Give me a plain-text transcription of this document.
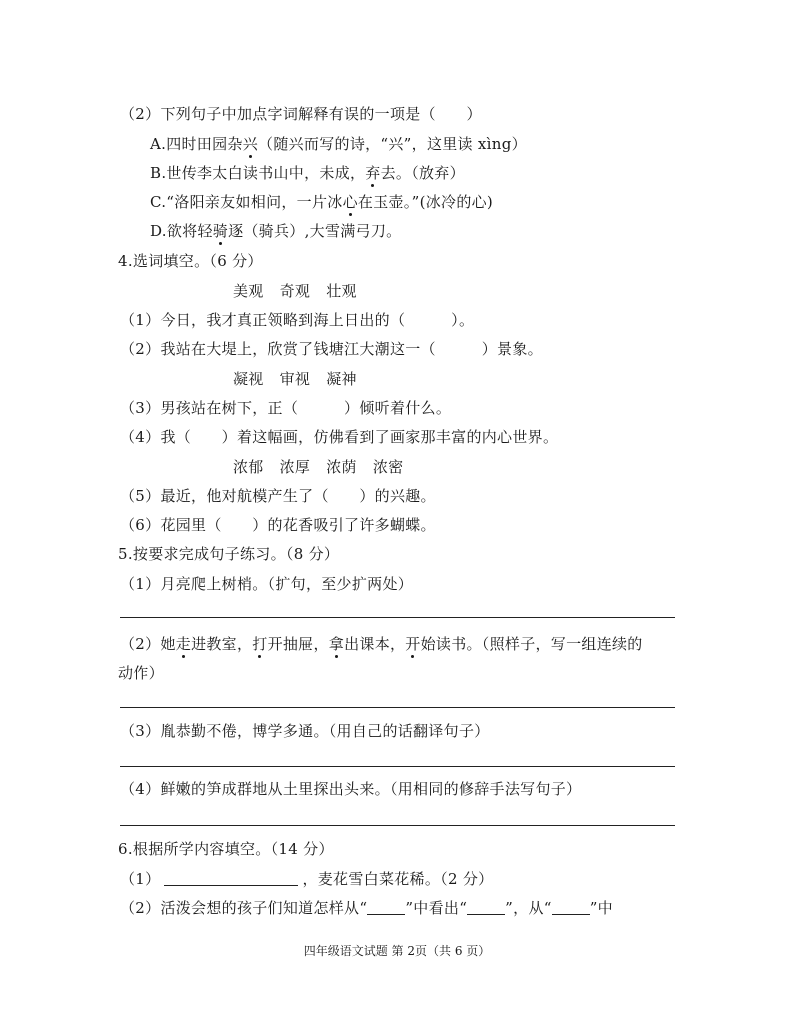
（2）下列句子中加点字词解释有误的一项是（　　）
A.四时田园杂兴（随兴而写的诗，“兴”，这里读 xìng）
B.世传李太白读书山中，未成，弃去。（放弃）
C.“洛阳亲友如相问，一片冰心在玉壶。”(冰冷的心)
D.欲将轻骑逐（骑兵）,大雪满弓刀。
4.选词填空。（6 分）
美观 奇观 壮观
（1）今日，我才真正领略到海上日出的（　　　）。
（2）我站在大堤上，欣赏了钱塘江大潮这一（　　　）景象。
凝视 审视 凝神
（3）男孩站在树下，正（　　　）倾听着什么。
（4）我（　　）着这幅画，仿佛看到了画家那丰富的内心世界。
浓郁 浓厚 浓荫 浓密
（5）最近，他对航模产生了（　　）的兴趣。
（6）花园里（　　）的花香吸引了许多蝴蝶。
5.按要求完成句子练习。（8 分）
（1）月亮爬上树梢。（扩句，至少扩两处）
（2）她走进教室，打开抽屉，拿出课本，开始读书。（照样子，写一组连续的
动作）
（3）胤恭勤不倦，博学多通。（用自己的话翻译句子）
（4）鲜嫩的笋成群地从土里探出头来。（用相同的修辞手法写句子）
6.根据所学内容填空。（14 分）
（1）	，麦花雪白菜花稀。（2 分）
（2）活泼会想的孩子们知道怎样从“	”中看出“	”，从“	”中
四年级语文试题 第 2页（共 6 页）
